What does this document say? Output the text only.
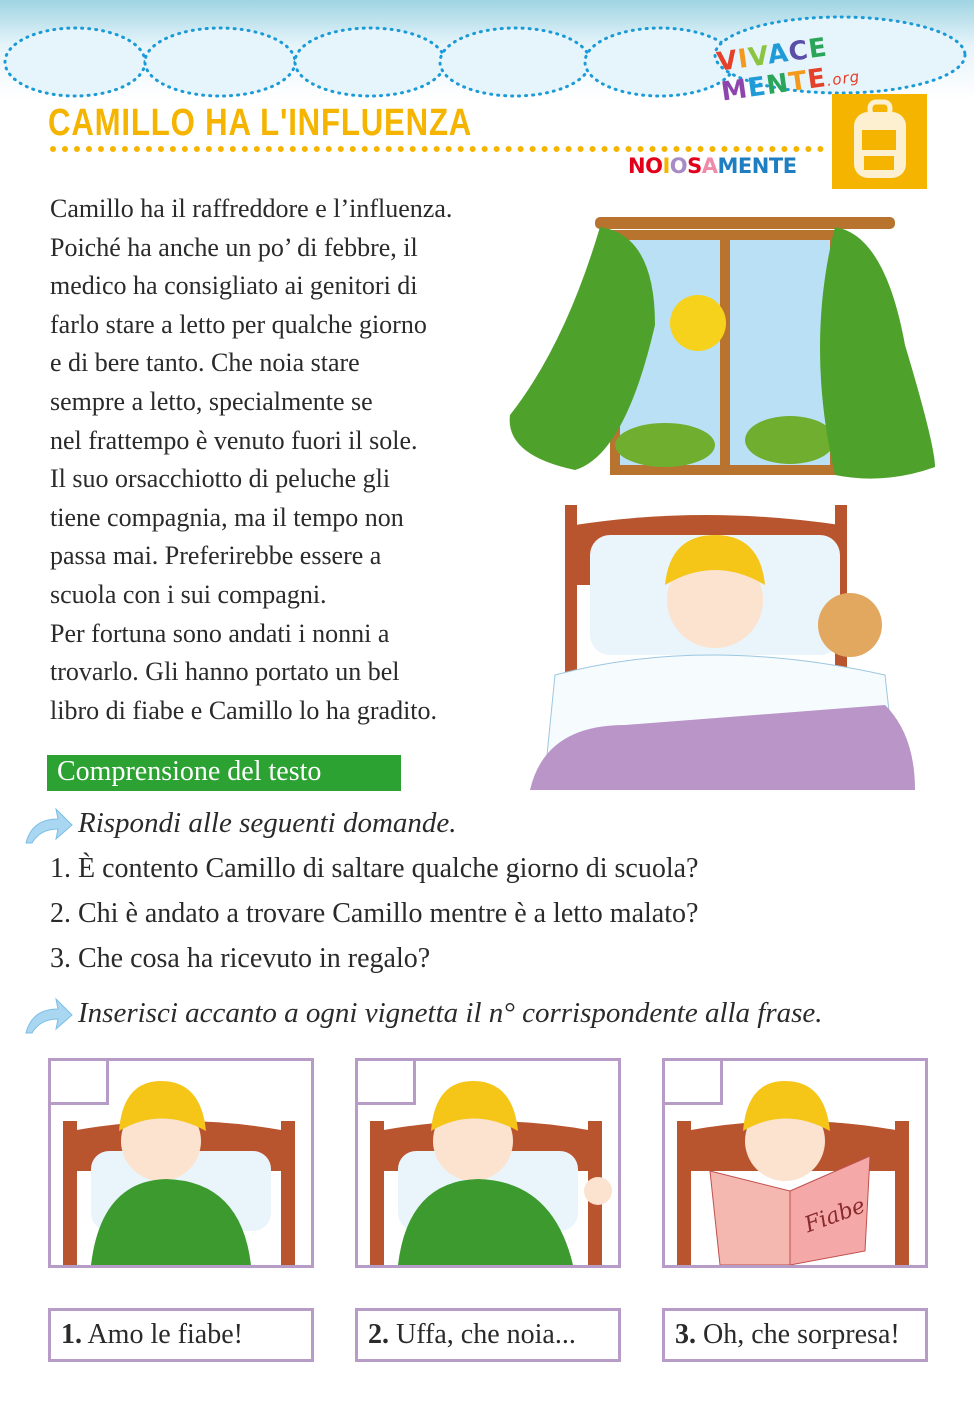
VIVACE MENTE.org
CAMILLO HA L'INFLUENZA
NOIOSAMENTE
Camillo ha il raffreddore e l’influenza.
Poiché ha anche un po’ di febbre, il
medico ha consigliato ai genitori di
farlo stare a letto per qualche giorno
e di bere tanto. Che noia stare
sempre a letto, specialmente se
nel frattempo è venuto fuori il sole.
Il suo orsacchiotto di peluche gli
tiene compagnia, ma il tempo non
passa mai. Preferirebbe essere a
scuola con i sui compagni.
Per fortuna sono andati i nonni a
trovarlo. Gli hanno portato un bel
libro di fiabe e Camillo lo ha gradito.
Comprensione del testo
Rispondi alle seguenti domande.
1. È contento Camillo di saltare qualche giorno di scuola?
2. Chi è andato a trovare Camillo mentre è a letto malato?
3. Che cosa ha ricevuto in regalo?
Inserisci accanto a ogni vignetta il n° corrispondente alla frase.
Fiabe
1. Amo le fiabe!	2. Uffa, che noia...	3. Oh, che sorpresa!
